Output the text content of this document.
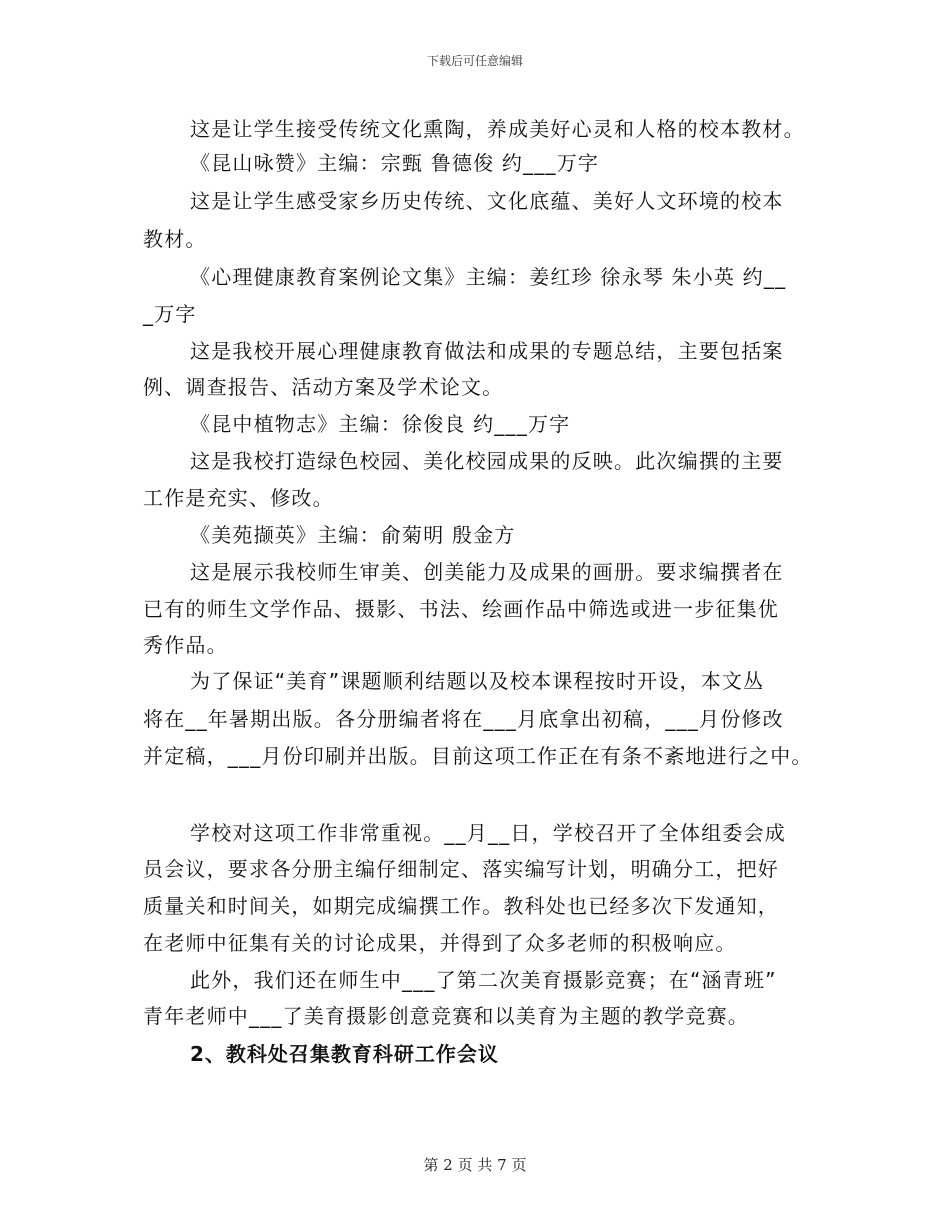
下载后可任意编辑
这是让学生接受传统文化熏陶，养成美好心灵和人格的校本教材。
《昆山咏赞》主编：宗甄 鲁德俊 约___万字
这是让学生感受家乡历史传统、文化底蕴、美好人文环境的校本
教材。
《心理健康教育案例论文集》主编：姜红珍 徐永琴 朱小英 约__
_万字
这是我校开展心理健康教育做法和成果的专题总结，主要包括案
例、调查报告、活动方案及学术论文。
《昆中植物志》主编：徐俊良 约___万字
这是我校打造绿色校园、美化校园成果的反映。此次编撰的主要
工作是充实、修改。
《美苑撷英》主编：俞菊明 殷金方
这是展示我校师生审美、创美能力及成果的画册。要求编撰者在
已有的师生文学作品、摄影、书法、绘画作品中筛选或进一步征集优
秀作品。
为了保证“美育”课题顺利结题以及校本课程按时开设，本文丛
将在__年暑期出版。各分册编者将在___月底拿出初稿，___月份修改
并定稿，___月份印刷并出版。目前这项工作正在有条不紊地进行之中。
学校对这项工作非常重视。__月__日，学校召开了全体组委会成
员会议，要求各分册主编仔细制定、落实编写计划，明确分工，把好
质量关和时间关，如期完成编撰工作。教科处也已经多次下发通知，
在老师中征集有关的讨论成果，并得到了众多老师的积极响应。
此外，我们还在师生中___了第二次美育摄影竞赛；在“涵青班”
青年老师中___了美育摄影创意竞赛和以美育为主题的教学竞赛。
2、教科处召集教育科研工作会议
第 2 页 共 7 页
